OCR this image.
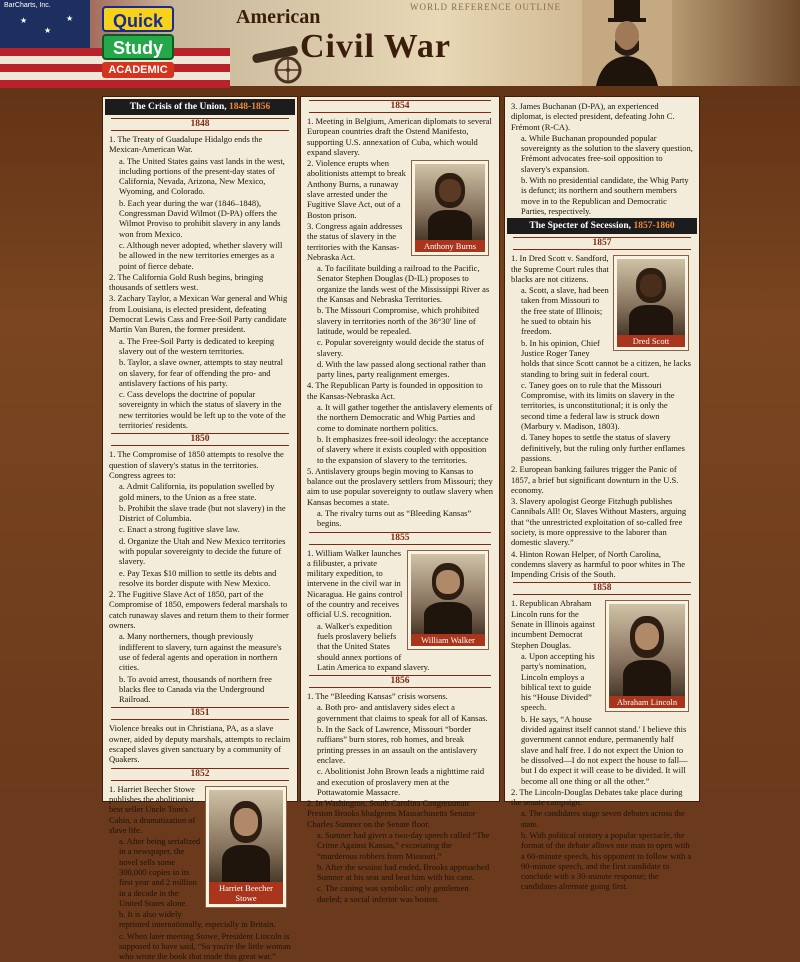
★
★
★
BarCharts, Inc.
Quick
Study
ACADEMIC
WORLD REFERENCE OUTLINE
American
Civil War
The Crisis of the Union, 1848-1856
1848

1. The Treaty of Guadalupe Hidalgo ends the Mexican-American War.

a. The United States gains vast lands in the west, including portions of the present-day states of California, Nevada, Arizona, New Mexico, Wyoming, and Colorado.

b. Each year during the war (1846–1848), Congressman David Wilmot (D-PA) offers the Wilmot Proviso to prohibit slavery in any lands won from Mexico.

c. Although never adopted, whether slavery will be allowed in the new territories emerges as a point of fierce debate.

2. The California Gold Rush begins, bringing thousands of settlers west.

3. Zachary Taylor, a Mexican War general and Whig from Louisiana, is elected president, defeating Democrat Lewis Cass and Free-Soil Party candidate Martin Van Buren, the former president.

a. The Free-Soil Party is dedicated to keeping slavery out of the western territories.

b. Taylor, a slave owner, attempts to stay neutral on slavery, for fear of offending the pro- and antislavery factions of his party.

c. Cass develops the doctrine of popular sovereignty in which the status of slavery in the new territories would be left up to the vote of the territories' residents.

1850

1. The Compromise of 1850 attempts to resolve the question of slavery's status in the territories. Congress agrees to:

a. Admit California, its population swelled by gold miners, to the Union as a free state.

b. Prohibit the slave trade (but not slavery) in the District of Columbia.

c. Enact a strong fugitive slave law.

d. Organize the Utah and New Mexico territories with popular sovereignty to decide the future of slavery.

e. Pay Texas $10 million to settle its debts and resolve its border dispute with New Mexico.

2. The Fugitive Slave Act of 1850, part of the Compromise of 1850, empowers federal marshals to catch runaway slaves and return them to their former owners.

a. Many northerners, though previously indifferent to slavery, turn against the measure's use of federal agents and operation in northern cities.

b. To avoid arrest, thousands of northern free blacks flee to Canada via the Underground Railroad.

1851

Violence breaks out in Christiana, PA, as a slave owner, aided by deputy marshals, attempts to reclaim escaped slaves given sanctuary by a community of Quakers.

1852
Harriet Beecher Stowe

1. Harriet Beecher Stowe publishes the abolitionist best seller Uncle Tom's Cabin, a dramatization of slave life.

a. After being serialized in a newspaper, the novel sells some 300,000 copies in its first year and 2 million in a decade in the United States alone.

b. It is also widely reprinted internationally, especially in Britain.

c. When later meeting Stowe, President Lincoln is supposed to have said, “So you're the little woman who wrote the book that made this great war.”

1854

1. Meeting in Belgium, American diplomats to several European countries draft the Ostend Manifesto, supporting U.S. annexation of Cuba, which would expand slavery.

Anthony Burns

2. Violence erupts when abolitionists attempt to break Anthony Burns, a runaway slave arrested under the Fugitive Slave Act, out of a Boston prison.

3. Congress again addresses the status of slavery in the territories with the Kansas-Nebraska Act.

a. To facilitate building a railroad to the Pacific, Senator Stephen Douglas (D-IL) proposes to organize the lands west of the Mississippi River as the Kansas and Nebraska Territories.

b. The Missouri Compromise, which prohibited slavery in territories north of the 36°30′ line of latitude, would be repealed.

c. Popular sovereignty would decide the status of slavery.

d. With the law passed along sectional rather than party lines, party realignment emerges.

4. The Republican Party is founded in opposition to the Kansas-Nebraska Act.

a. It will gather together the antislavery elements of the northern Democratic and Whig Parties and come to dominate northern politics.

b. It emphasizes free-soil ideology: the acceptance of slavery where it exists coupled with opposition to the expansion of slavery to the territories.

5. Antislavery groups begin moving to Kansas to balance out the proslavery settlers from Missouri; they aim to use popular sovereignty to outlaw slavery when Kansas becomes a state.

a. The rivalry turns out as “Bleeding Kansas” begins.

1855
William Walker

1. William Walker launches a filibuster, a private military expedition, to intervene in the civil war in Nicaragua. He gains control of the country and receives official U.S. recognition.

a. Walker's expedition fuels proslavery beliefs that the United States should annex portions of Latin America to expand slavery.

1856

1. The “Bleeding Kansas” crisis worsens.

a. Both pro- and antislavery sides elect a government that claims to speak for all of Kansas.

b. In the Sack of Lawrence, Missouri “border ruffians” burn stores, rob homes, and break printing presses in an assault on the antislavery enclave.

c. Abolitionist John Brown leads a nighttime raid and execution of proslavery men at the Pottawatomie Massacre.

2. In Washington, South Carolina Congressman Preston Brooks bludgeons Massachusetts Senator Charles Sumner on the Senate floor.

a. Sumner had given a two-day speech called “The Crime Against Kansas,” excoriating the “murderous robbers from Missouri.”

b. After the session had ended, Brooks approached Sumner at his seat and beat him with his cane.

c. The caning was symbolic: only gentlemen dueled; a social inferior was beaten.

3. James Buchanan (D-PA), an experienced diplomat, is elected president, defeating John C. Frémont (R-CA).

a. While Buchanan propounded popular sovereignty as the solution to the slavery question, Frémont advocates free-soil opposition to slavery's expansion.

b. With no presidential candidate, the Whig Party is defunct; its northern and southern members move in to the Republican and Democratic Parties, respectively.

The Specter of Secession, 1857-1860
1857
Dred Scott

1. In Dred Scott v. Sandford, the Supreme Court rules that blacks are not citizens.

a. Scott, a slave, had been taken from Missouri to the free state of Illinois; he sued to obtain his freedom.

b. In his opinion, Chief Justice Roger Taney holds that since Scott cannot be a citizen, he lacks standing to bring suit in federal court.

c. Taney goes on to rule that the Missouri Compromise, with its limits on slavery in the territories, is unconstitutional; it is only the second time a federal law is struck down (Marbury v. Madison, 1803).

d. Taney hopes to settle the status of slavery definitively, but the ruling only further enflames passions.

2. European banking failures trigger the Panic of 1857, a brief but significant downturn in the U.S. economy.

3. Slavery apologist George Fitzhugh publishes Cannibals All! Or, Slaves Without Masters, arguing that “the unrestricted exploitation of so-called free society, is more oppressive to the laborer than domestic slavery.”

4. Hinton Rowan Helper, of North Carolina, condemns slavery as harmful to poor whites in The Impending Crisis of the South.

1858
Abraham Lincoln

1. Republican Abraham Lincoln runs for the Senate in Illinois against incumbent Democrat Stephen Douglas.

a. Upon accepting his party's nomination, Lincoln employs a biblical text to guide his “House Divided” speech.

b. He says, “A house divided against itself cannot stand.' I believe this government cannot endure, permanently half slave and half free. I do not expect the Union to be dissolved—I do not expect the house to fall—but I do expect it will cease to be divided. It will become all one thing or all the other.”

2. The Lincoln-Douglas Debates take place during the senate campaign.

a. The candidates stage seven debates across the state.

b. With political oratory a popular spectacle, the format of the debate allows one man to open with a 60-minute speech, his opponent to follow with a 90-minute speech, and the first candidate to conclude with a 30-minute response; the candidates alternate going first.
